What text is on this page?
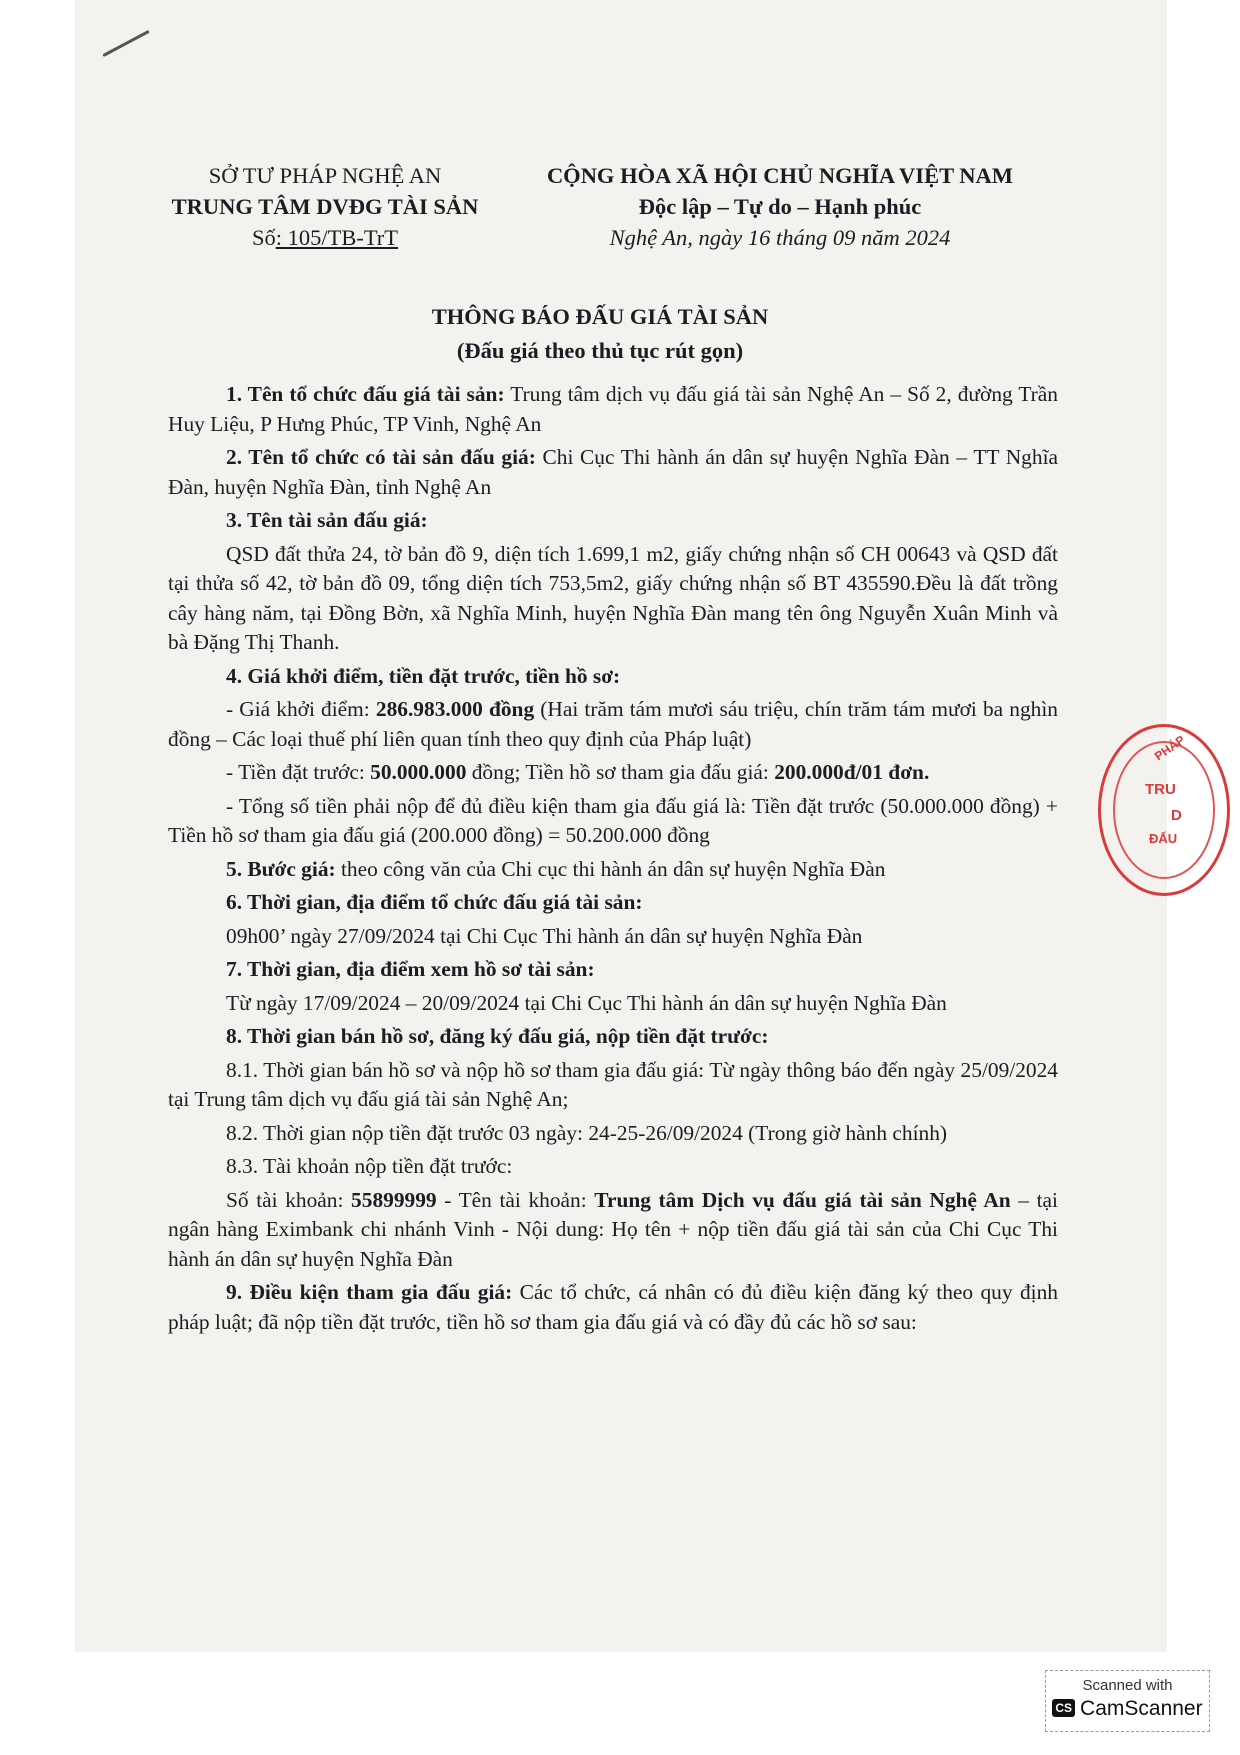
SỞ TƯ PHÁP NGHỆ AN
TRUNG TÂM DVĐG TÀI SẢN
Số: 105/TB-TrT
CỘNG HÒA XÃ HỘI CHỦ NGHĨA VIỆT NAM
Độc lập – Tự do – Hạnh phúc
Nghệ An, ngày 16 tháng 09 năm 2024
THÔNG BÁO ĐẤU GIÁ TÀI SẢN
(Đấu giá theo thủ tục rút gọn)

1. Tên tổ chức đấu giá tài sản: Trung tâm dịch vụ đấu giá tài sản Nghệ An – Số 2, đường Trần Huy Liệu, P Hưng Phúc, TP Vinh, Nghệ An

2. Tên tổ chức có tài sản đấu giá: Chi Cục Thi hành án dân sự huyện Nghĩa Đàn – TT Nghĩa Đàn, huyện Nghĩa Đàn, tỉnh Nghệ An

3. Tên tài sản đấu giá:

QSD đất thửa 24, tờ bản đồ 9, diện tích 1.699,1 m2, giấy chứng nhận số CH 00643 và QSD đất tại thửa số 42, tờ bản đồ 09, tổng diện tích 753,5m2, giấy chứng nhận số BT 435590.Đều là đất trồng cây hàng năm, tại Đồng Bờn, xã Nghĩa Minh, huyện Nghĩa Đàn mang tên ông Nguyễn Xuân Minh và bà Đặng Thị Thanh.

4. Giá khởi điểm, tiền đặt trước, tiền hồ sơ:

- Giá khởi điểm: 286.983.000 đồng (Hai trăm tám mươi sáu triệu, chín trăm tám mươi ba nghìn đồng – Các loại thuế phí liên quan tính theo quy định của Pháp luật)

- Tiền đặt trước: 50.000.000 đồng; Tiền hồ sơ tham gia đấu giá: 200.000đ/01 đơn.

- Tổng số tiền phải nộp để đủ điều kiện tham gia đấu giá là: Tiền đặt trước (50.000.000 đồng) + Tiền hồ sơ tham gia đấu giá (200.000 đồng) = 50.200.000 đồng

5. Bước giá: theo công văn của Chi cục thi hành án dân sự huyện Nghĩa Đàn

6. Thời gian, địa điểm tổ chức đấu giá tài sản:

09h00’ ngày 27/09/2024 tại Chi Cục Thi hành án dân sự huyện Nghĩa Đàn

7. Thời gian, địa điểm xem hồ sơ tài sản:

Từ ngày 17/09/2024 – 20/09/2024 tại Chi Cục Thi hành án dân sự huyện Nghĩa Đàn

8. Thời gian bán hồ sơ, đăng ký đấu giá, nộp tiền đặt trước:

8.1. Thời gian bán hồ sơ và nộp hồ sơ tham gia đấu giá: Từ ngày thông báo đến ngày 25/09/2024 tại Trung tâm dịch vụ đấu giá tài sản Nghệ An;

8.2. Thời gian nộp tiền đặt trước 03 ngày: 24-25-26/09/2024 (Trong giờ hành chính)

8.3. Tài khoản nộp tiền đặt trước:

Số tài khoản: 55899999 - Tên tài khoản: Trung tâm Dịch vụ đấu giá tài sản Nghệ An – tại ngân hàng Eximbank chi nhánh Vinh - Nội dung: Họ tên + nộp tiền đấu giá tài sản của Chi Cục Thi hành án dân sự huyện Nghĩa Đàn

9. Điều kiện tham gia đấu giá: Các tổ chức, cá nhân có đủ điều kiện đăng ký theo quy định pháp luật; đã nộp tiền đặt trước, tiền hồ sơ tham gia đấu giá và có đầy đủ các hồ sơ sau:

PHÁP
TRU
D
ĐẤU
Scanned with
CS CamScanner
